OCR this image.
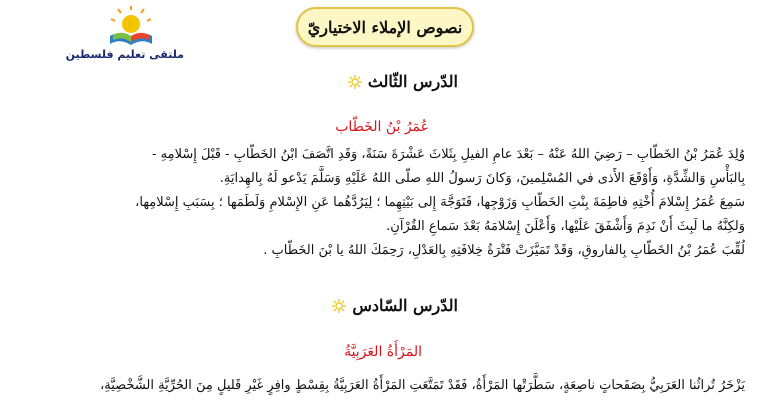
ملتقى تعليم فلسطين
نصوص الإملاء الاختياريّ
الدّرس الثّالث
عُمَرُ بْنُ الخَطّاب
وُلِدَ عُمَرُ بْنُ الخَطّابِ – رَضِيَ اللهُ عَنْهُ – بَعْدَ عامِ الفيلِ بِثَلاثَ عَشْرَةَ سَنَةً، وَقَدِ اتَّصَفَ ابْنُ الخَطّابِ - قَبْلَ إِسْلامِهِ -
بِالبَأْسِ وَالشِّدَّةِ، وَأَوْقَعَ الأَذى في المُسْلِمينَ، وَكانَ رَسولُ اللهِ صلّى اللهُ عَلَيْهِ وَسَلَّمَ يَدْعو لَهُ بِالهِدايَةِ.
سَمِعَ عُمَرُ إِسْلامَ أُخْتِهِ فاطِمَةَ بِنْتِ الخَطّابِ وَزَوْجِها، فَتَوَجَّهَ إِلى بَيْتِهِما ؛ لِيَرُدَّهُما عَنِ الإِسْلامِ وَلَطَمَها ؛ بِسَبَبِ إِسْلامِها،
وَلكِنَّهُ ما لَبِثَ أَنْ نَدِمَ وَأَشْفَقَ عَلَيْها، وَأَعْلَنَ إِسْلامَهُ بَعْدَ سَماعِ القُرْآنِ.
لُقِّبَ عُمَرُ بْنُ الخَطّابِ بِالفاروقِ، وَقَدْ تَمَيَّزَتْ فَتْرَةُ خِلافَتِهِ بِالعَدْلِ، رَحِمَكَ اللهُ يا بْنَ الخَطّابِ .
الدّرس السّادس
المَرْأَةُ العَرَبِيَّةُ
يَزْخَرُ تُراثُنا العَرَبِيُّ بِصَفَحاتٍ ناصِعَةٍ، سَطَّرَتْها المَرْأَةُ، فَقَدْ تَمَتَّعَتِ المَرْأَةُ العَرَبِيَّةُ بِقِسْطٍ وافِرٍ غَيْرِ قَليلٍ مِنَ الحُرِّيَّةِ الشَّخْصِيَّةِ،
